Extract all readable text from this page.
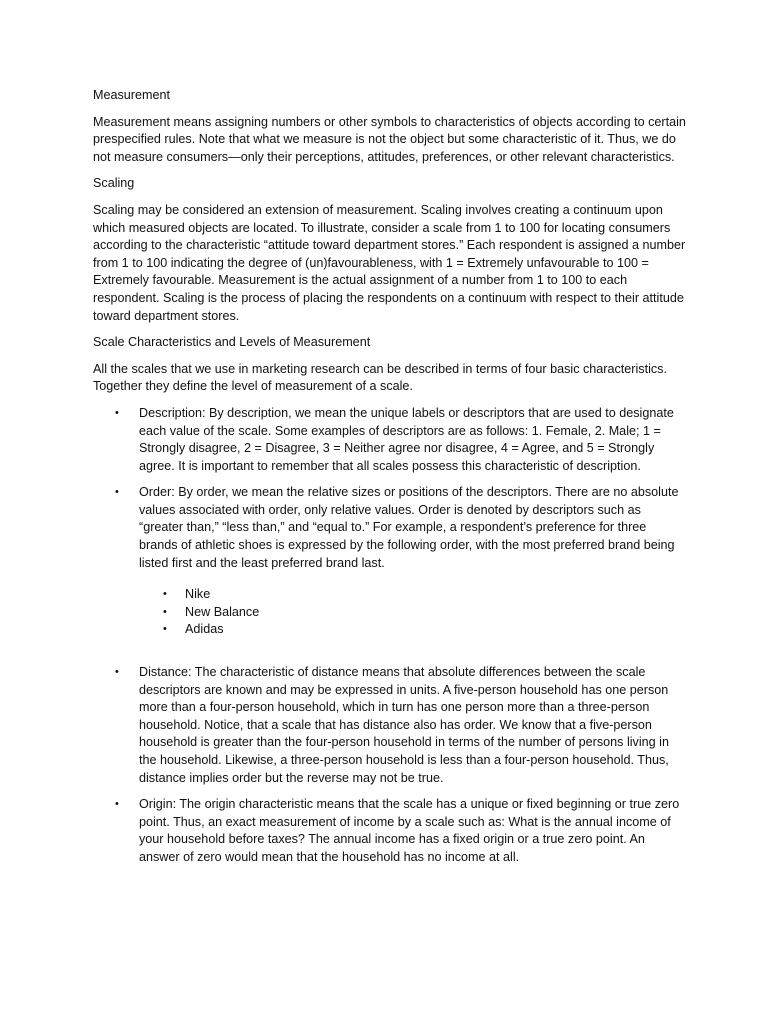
Measurement

Measurement means assigning numbers or other symbols to characteristics of objects according to certain prespecified rules. Note that what we measure is not the object but some characteristic of it. Thus, we do not measure consumers—only their perceptions, attitudes, preferences, or other relevant characteristics.

Scaling

Scaling may be considered an extension of measurement. Scaling involves creating a continuum upon which measured objects are located. To illustrate, consider a scale from 1 to 100 for locating consumers according to the characteristic “attitude toward department stores.” Each respondent is assigned a number from 1 to 100 indicating the degree of (un)favourableness, with 1 = Extremely unfavourable to 100 = Extremely favourable. Measurement is the actual assignment of a number from 1 to 100 to each respondent. Scaling is the process of placing the respondents on a continuum with respect to their attitude toward department stores.

Scale Characteristics and Levels of Measurement

All the scales that we use in marketing research can be described in terms of four basic characteristics. Together they define the level of measurement of a scale.

• Description: By description, we mean the unique labels or descriptors that are used to designate each value of the scale. Some examples of descriptors are as follows: 1. Female, 2. Male; 1 = Strongly disagree, 2 = Disagree, 3 = Neither agree nor disagree, 4 = Agree, and 5 = Strongly agree. It is important to remember that all scales possess this characteristic of description.
• Order: By order, we mean the relative sizes or positions of the descriptors. There are no absolute values associated with order, only relative values. Order is denoted by descriptors such as “greater than,” “less than,” and “equal to.” For example, a respondent’s preference for three brands of athletic shoes is expressed by the following order, with the most preferred brand being listed first and the least preferred brand last.
• Nike
• New Balance
• Adidas
• Distance: The characteristic of distance means that absolute differences between the scale descriptors are known and may be expressed in units. A five-person household has one person more than a four-person household, which in turn has one person more than a three-person household. Notice, that a scale that has distance also has order. We know that a five-person household is greater than the four-person household in terms of the number of persons living in the household. Likewise, a three-person household is less than a four-person household. Thus, distance implies order but the reverse may not be true.
• Origin: The origin characteristic means that the scale has a unique or fixed beginning or true zero point. Thus, an exact measurement of income by a scale such as: What is the annual income of your household before taxes? The annual income has a fixed origin or a true zero point. An answer of zero would mean that the household has no income at all.
